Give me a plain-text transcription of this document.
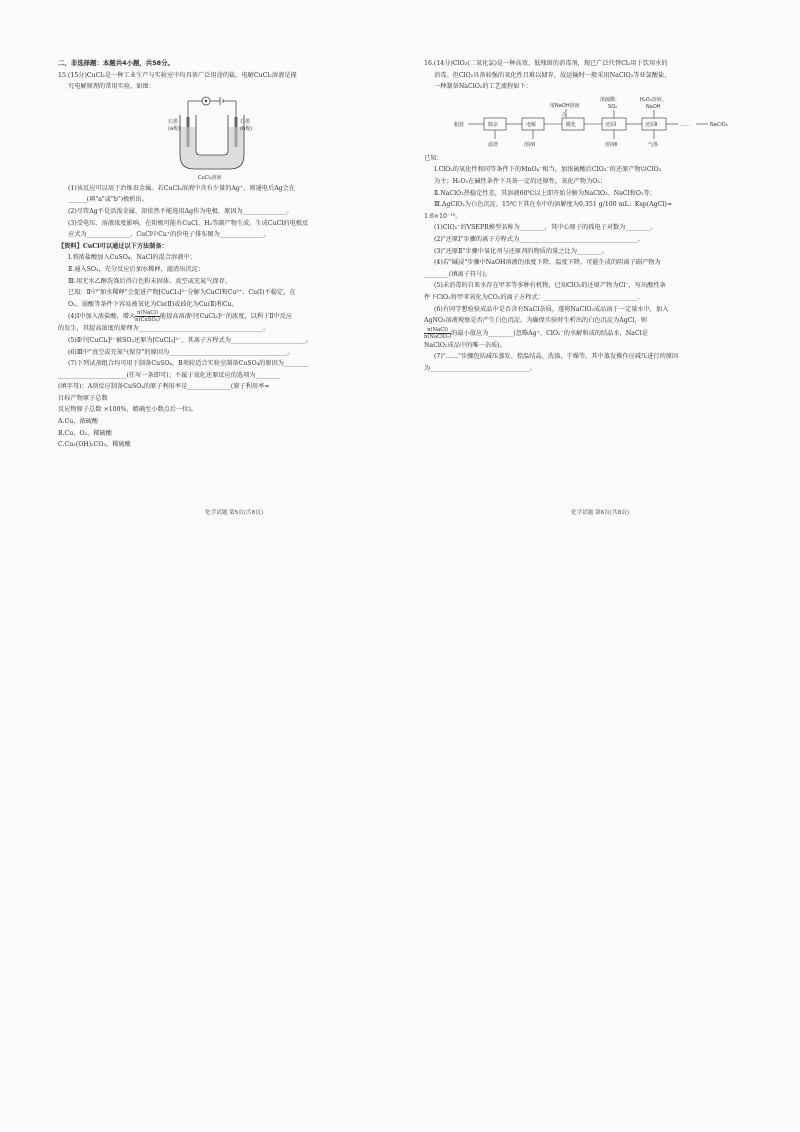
二、非选择题：本题共4小题，共58分。
15.(15分)CuCl₂是一种工业生产与实验室中均具备广泛用途的盐。电解CuCl₂溶液是探
究电解原理的常用实验，如图：
石墨
(a极)
石墨
(b极)
CuCl₂溶液
(1)该反应可以用于冶炼贵金属。若CuCl₂溶液中含有少量的Ag⁺，则通电后Ag会在
______(填"a"或"b")极析出。
(2)尽管Ag不是活泼金属，却依然不能选用Ag作为电极，原因为______________。
(3)受电压、溶液浓度影响，在阳极可能有CuCl、H₂等副产物生成。生成CuCl的电极反
应式为______________，CuCl中Cu⁺的价电子排布图为______________。
【资料】CuCl可以通过以下方法制备：
Ⅰ.将浓盐酸加入CuSO₄、NaCl的混合溶液中；
Ⅱ.通入SO₂，充分反应后加水稀释，滤渣出沉淀；
Ⅲ.用无水乙醇洗涤后得白色粉末固体，真空或充氮气保存。
已知：Ⅱ中"加水稀释"会促进产物[CuCl₃]²⁻分解为CuCl和Cu²⁺；Cu(Ⅰ)不稳定，在
O₂、弱酸等条件下容易被氧化为Cu(Ⅱ)或歧化为Cu(Ⅱ)和Cu。
(4)Ⅰ中加入浓盐酸，增大 $\frac{\text{n(NaCl)}}{\text{n(CuSO₄)}}$能提高溶液中[CuCl₃]²⁻的浓度，以利于Ⅱ中反应
的发生，其提高浓度的原理为________________________________________。
(5)Ⅱ中[CuCl₄]²⁻被SO₂还原为[CuCl₃]²⁻，其离子方程式为________________________。
(6)Ⅲ中"真空或充氮气保存"的原因为______________________________________。
(7)下列试剂组合均可用于制备CuSO₄，B项较适合实验室制备CuSO₄的原因为________
______________________(任写一条即可)；不属于氧化还原反应的选项为________
(填字母)；A项反应制备CuSO₄的原子利用率是______________(原子利用率=
目标产物原子总数
反应物原子总数 ×100%，精确至小数点后一位)。
A.Cu，浓硫酸
B.Cu，O₂，稀硫酸
C.Cu₂(OH)₂CO₃，稀硫酸
化学试题 第5页(共8页)
16.(14分)ClO₂(二氧化氯)是一种高效、低残留的消毒剂，现已广泛代替Cl₂用于饮用水的
消毒。但ClO₂具备较强的氧化性且难以储存，故运输时一般采用NaClO₂等亚氯酸盐，
一种制备NaClO₂的工艺流程如下：
粗盐	除杂	电解	酸化	还原Ⅰ	还原Ⅱ	……	NaClO₂
浓NaOH溶液
△
浓硫酸、
SO₂
H₂O₂溶液、
NaOH
滤渣	溶液Ⅰ	溶液Ⅱ	气体
已知：
Ⅰ.ClO₂的氧化性和同等条件下的MnO₄⁻相当，加浓硫酸后ClO₃⁻的还原产物以ClO₂
为主；H₂O₂在碱性条件下具备一定的还原性，氧化产物为O₂；
Ⅱ.NaClO₂热稳定性差，其溶液60℃以上即开始分解为NaClO₃、NaCl和O₂等；
Ⅲ.AgClO₂为白色沉淀，15℃下其在水中的溶解度为0.351 g/100 mL；Ksp(AgCl)=
1.6×10⁻¹⁰。
(1)ClO₂⁻的VSEPR模型名称为________，其中心原子的孤电子对数为________。
(2)"还原Ⅰ"步骤的离子方程式为______________________________________。
(3)"还原Ⅱ"步骤中氧化剂与还原剂的物质的量之比为________。
(4)若"碱浸"步骤中NaOH溶液的浓度下降，温度下降，可能生成的阴离子副产物为
________(填离子符号)。
(5)未消毒的自来水存在甲苯等多种有机物，已知ClO₂的还原产物为Cl⁻，写出酸性条
件下ClO₂将甲苯氧化为CO₂的离子方程式：______________________________。
(6)有同学想检验成品中是否含有NaCl杂质，遂将NaClO₂成品溶于一定量水中，加入
AgNO₃溶液观察是否产生白色沉淀。为确保实验时生析出的白色沉淀为AgCl，则
$\frac{\text{n(NaCl)}}{\text{n(NaClO₂)}}$的最小值应为________(忽略Ag⁺、ClO₂⁻的水解和成的结晶水，NaCl是
NaClO₂成品中的唯一杂质)。
(7)"……"步骤包括减压蒸发、控温结晶、洗涤、干燥等，其中蒸发操作应减压进行的原因
为________________________________。
化学试题 第6页(共8页)
